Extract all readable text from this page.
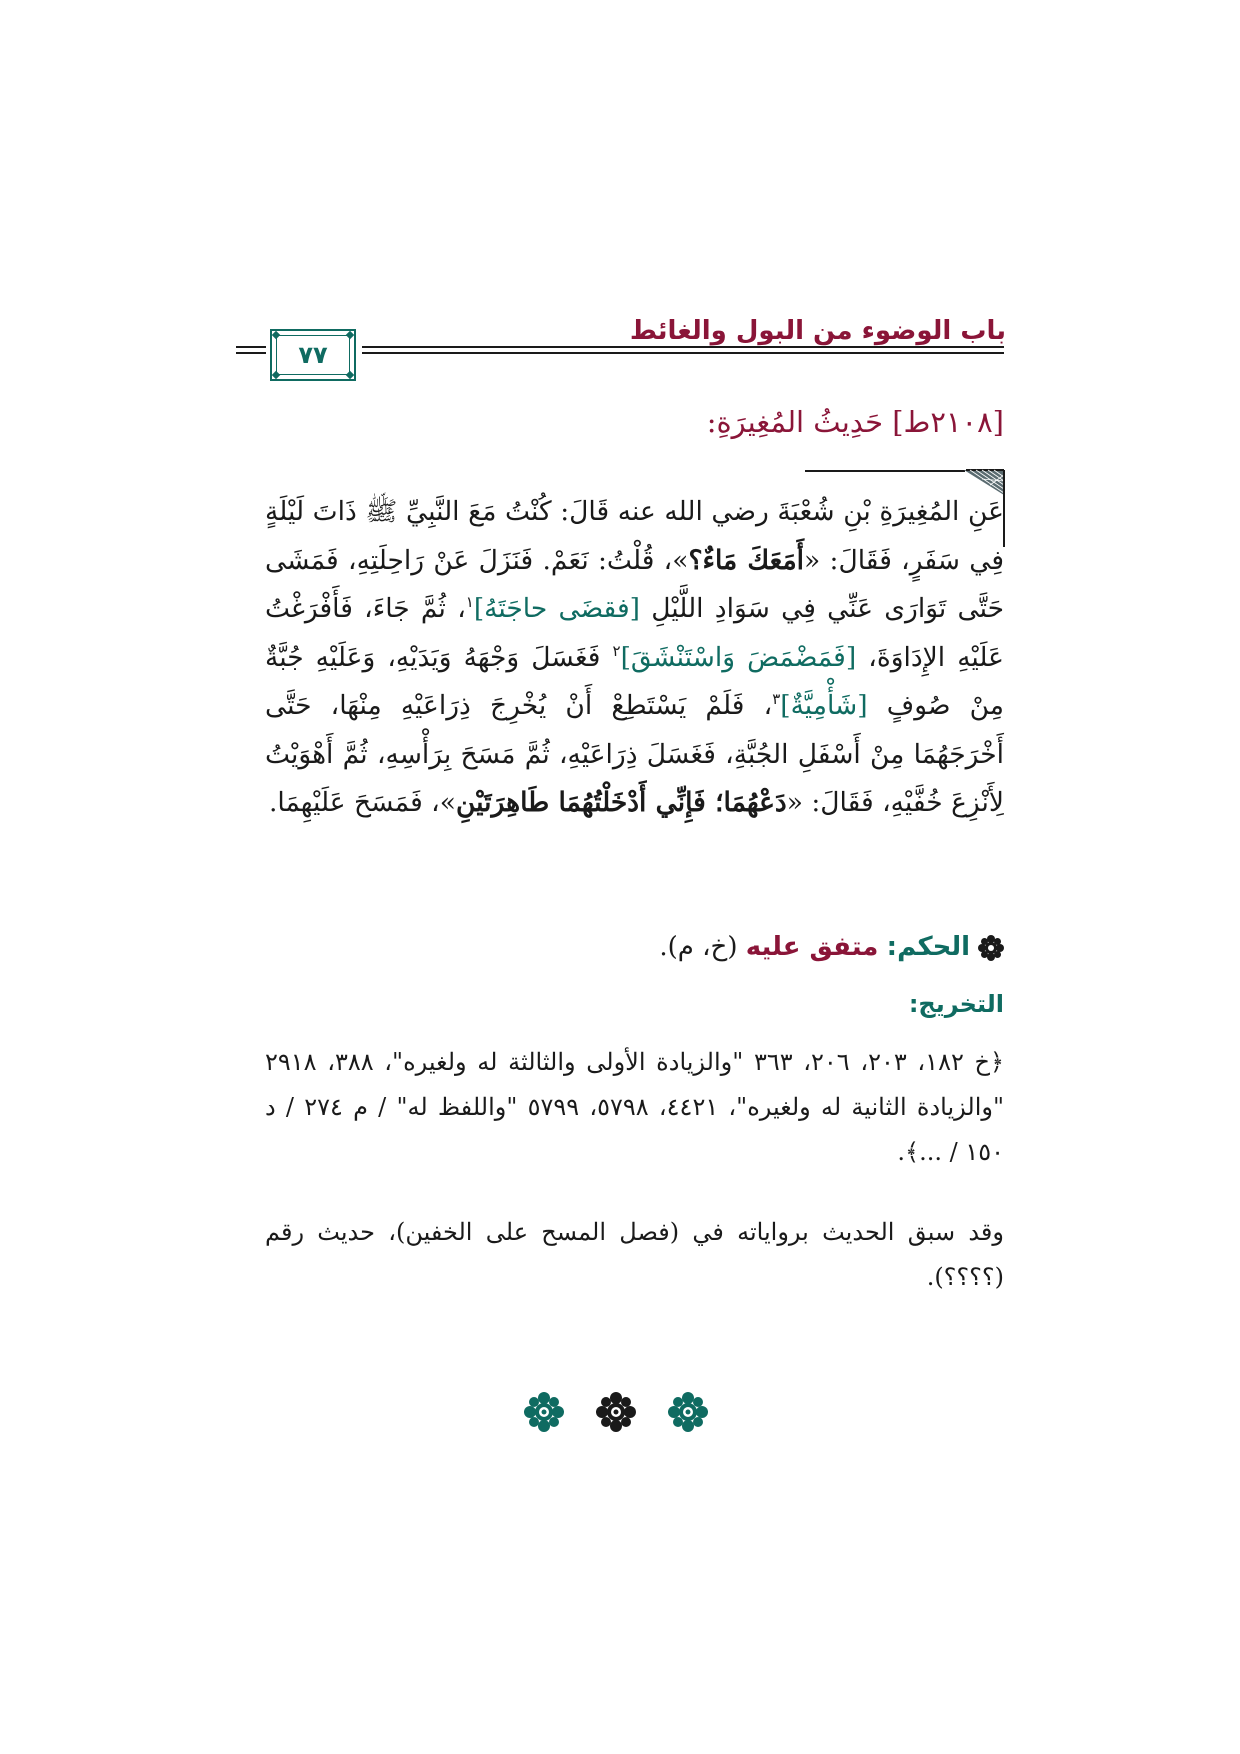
باب الوضوء من البول والغائط
٧٧
[٢١٠٨ط] حَدِيثُ المُغِيرَةِ:
عَنِ المُغِيرَةِ بْنِ شُعْبَةَ رضي الله عنه قَالَ: كُنْتُ مَعَ النَّبِيِّ ﷺ ذَاتَ لَيْلَةٍ فِي سَفَرٍ، فَقَالَ: «أَمَعَكَ مَاءٌ؟»، قُلْتُ: نَعَمْ. فَنَزَلَ عَنْ رَاحِلَتِهِ، فَمَشَى حَتَّى تَوَارَى عَنِّي فِي سَوَادِ اللَّيْلِ [فقضَى حاجَتَهُ]$^١$، ثُمَّ جَاءَ، فَأَفْرَغْتُ عَلَيْهِ الإِدَاوَةَ، [فَمَضْمَضَ وَاسْتَنْشَقَ]$^٢$ فَغَسَلَ وَجْهَهُ وَيَدَيْهِ، وَعَلَيْهِ جُبَّةٌ مِنْ صُوفٍ [شَأْمِيَّةٌ]$^٣$، فَلَمْ يَسْتَطِعْ أَنْ يُخْرِجَ ذِرَاعَيْهِ مِنْهَا، حَتَّى أَخْرَجَهُمَا مِنْ أَسْفَلِ الجُبَّةِ، فَغَسَلَ ذِرَاعَيْهِ، ثُمَّ مَسَحَ بِرَأْسِهِ، ثُمَّ أَهْوَيْتُ لِأَنْزِعَ خُفَّيْهِ، فَقَالَ: «دَعْهُمَا؛ فَإِنِّي أَدْخَلْتُهُمَا طَاهِرَتَيْنِ»، فَمَسَحَ عَلَيْهِمَا.
الحكم: متفق عليه (خ، م).
التخريج:
﴿خ ١٨٢، ٢٠٣، ٢٠٦، ٣٦٣ "والزيادة الأولى والثالثة له ولغيره"، ٣٨٨، ٢٩١٨ "والزيادة الثانية له ولغيره"، ٤٤٢١، ٥٧٩٨، ٥٧٩٩ "واللفظ له" / م ٢٧٤ / د ١٥٠ / ...﴾.
وقد سبق الحديث برواياته في (فصل المسح على الخفين)، حديث رقم (؟؟؟؟).
